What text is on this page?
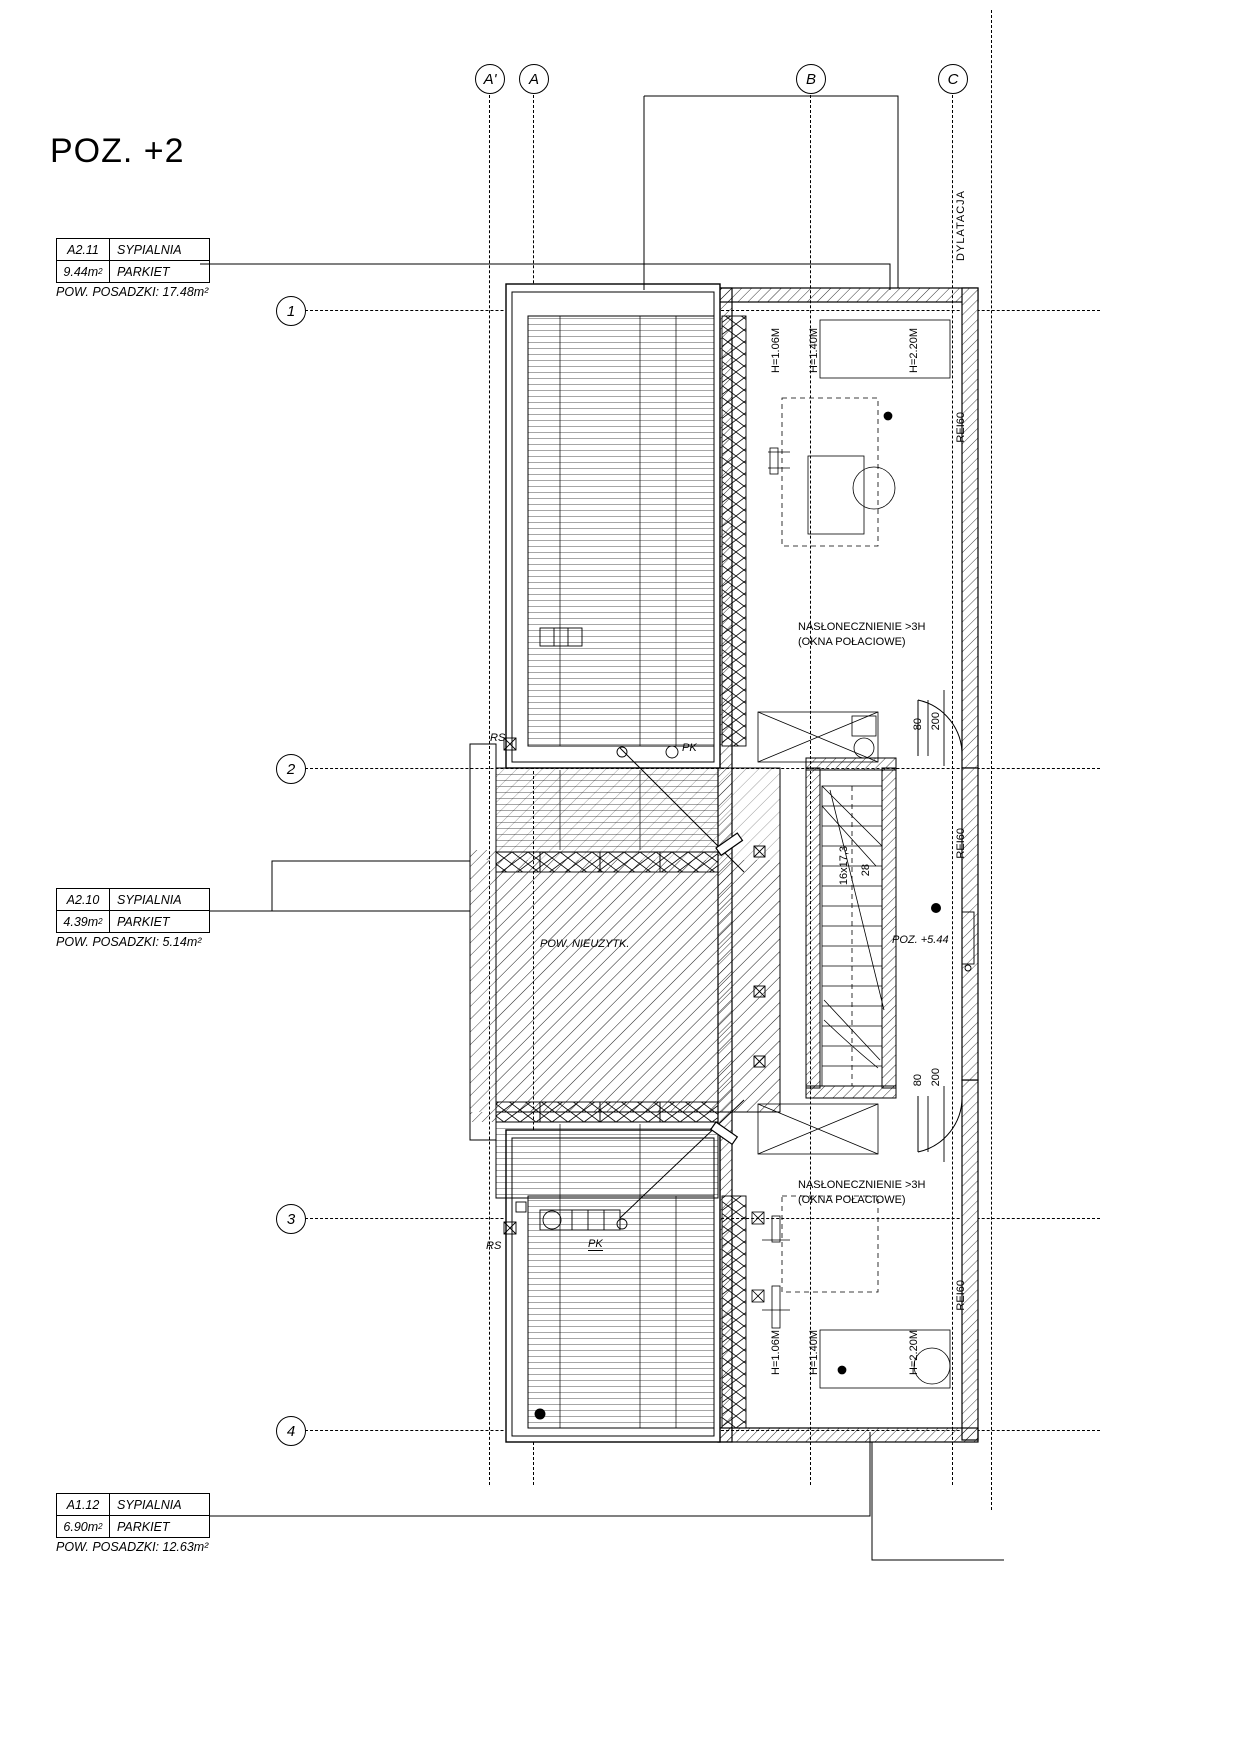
POZ. +2
A' A	B	C
1
2
3
4
A2.11	SYPIALNIA
9.44 m 2	PARKIET
POW. POSADZKI: 17.48m²
A2.10	SYPIALNIA
4.39 m 2	PARKIET
POW. POSADZKI: 5.14m²
A1.12	SYPIALNIA
6.90 m 2	PARKIET
POW. POSADZKI: 12.63m²
DYLATACJA
REI60
REI60
REI60
H=1.06M H=1.40M	H=2.20M
H=1.06M H=1.40M	H=2.20M
NASŁONECZNIENIE >3H
(OKNA POŁACIOWE)
NASŁONECZNIENIE >3H
(OKNA POŁACIOWE)
POW. NIEUZYTK.	POZ. +5.44
16x17,3 28
80 200
80 200
RS
RS
PK
PK
